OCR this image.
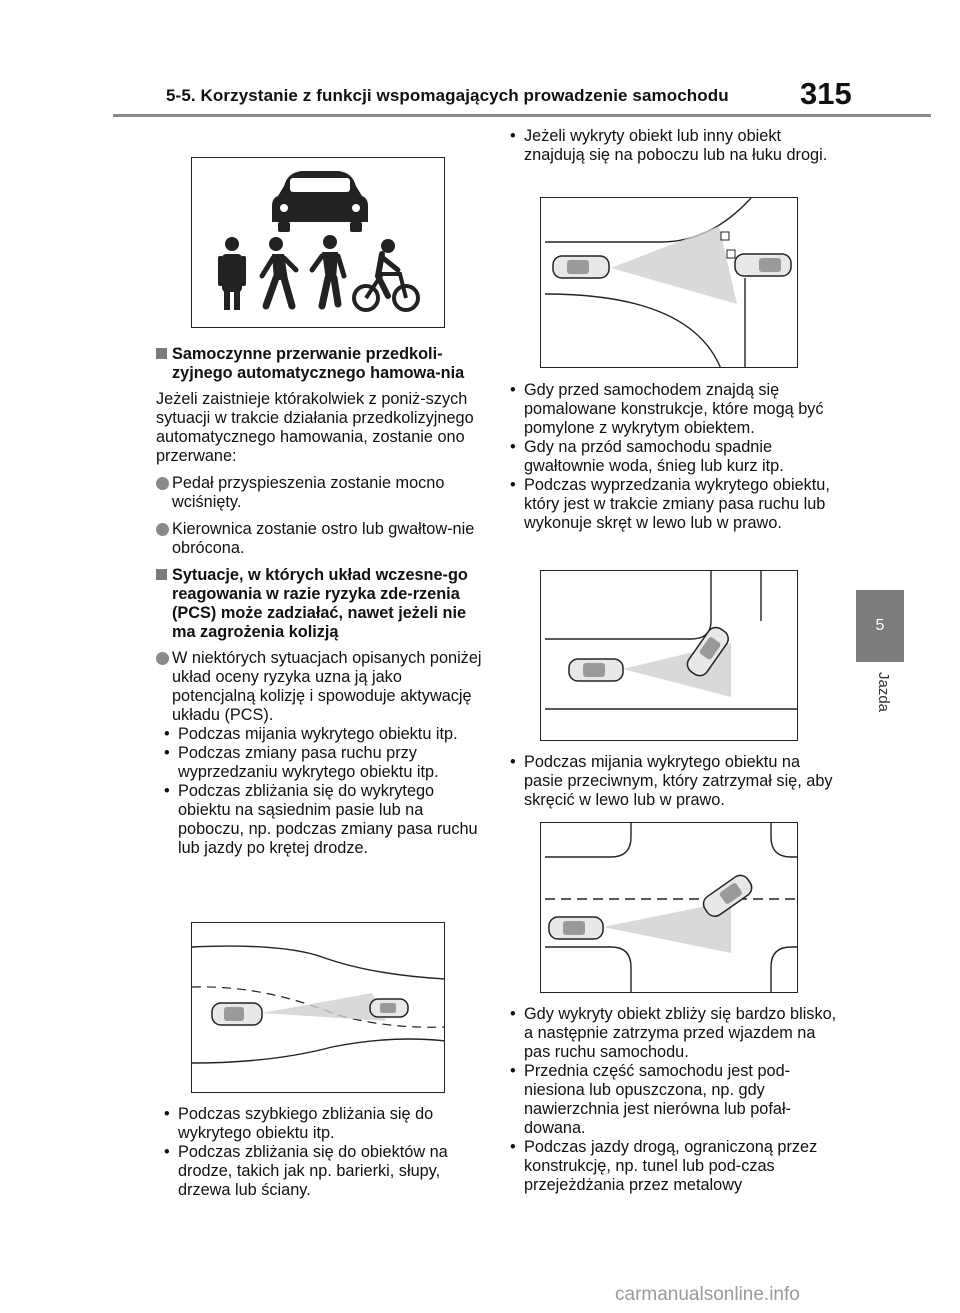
5-5. Korzystanie z funkcji wspomagających prowadzenie samochodu 315
5
Jazda
Samoczynne przerwanie przedkoli-zyjnego automatycznego hamowa-nia
Jeżeli zaistnieje którakolwiek z poniż-szych sytuacji w trakcie działania przedkolizyjnego automatycznego hamowania, zostanie ono przerwane:
Pedał przyspieszenia zostanie mocno wciśnięty.
Kierownica zostanie ostro lub gwałtow-nie obrócona.
Sytuacje, w których układ wczesne-go reagowania w razie ryzyka zde-rzenia (PCS) może zadziałać, nawet jeżeli nie ma zagrożenia kolizją
W niektórych sytuacjach opisanych poniżej układ oceny ryzyka uzna ją jako potencjalną kolizję i spowoduje aktywację układu (PCS).
• Podczas mijania wykrytego obiektu itp.
• Podczas zmiany pasa ruchu przy wyprzedzaniu wykrytego obiektu itp.
• Podczas zbliżania się do wykrytego obiektu na sąsiednim pasie lub na poboczu, np. podczas zmiany pasa ruchu lub jazdy po krętej drodze.
• Podczas szybkiego zbliżania się do wykrytego obiektu itp.
• Podczas zbliżania się do obiektów na drodze, takich jak np. barierki, słupy, drzewa lub ściany.
• Jeżeli wykryty obiekt lub inny obiekt znajdują się na poboczu lub na łuku drogi.
• Gdy przed samochodem znajdą się pomalowane konstrukcje, które mogą być pomylone z wykrytym obiektem.
• Gdy na przód samochodu spadnie gwałtownie woda, śnieg lub kurz itp.
• Podczas wyprzedzania wykrytego obiektu, który jest w trakcie zmiany pasa ruchu lub wykonuje skręt w lewo lub w prawo.
• Podczas mijania wykrytego obiektu na pasie przeciwnym, który zatrzymał się, aby skręcić w lewo lub w prawo.
• Gdy wykryty obiekt zbliży się bardzo blisko, a następnie zatrzyma przed wjazdem na pas ruchu samochodu.
• Przednia część samochodu jest pod-niesiona lub opuszczona, np. gdy nawierzchnia jest nierówna lub pofał-dowana.
• Podczas jazdy drogą, ograniczoną przez konstrukcję, np. tunel lub pod-czas przejeżdżania przez metalowy
carmanualsonline.info
